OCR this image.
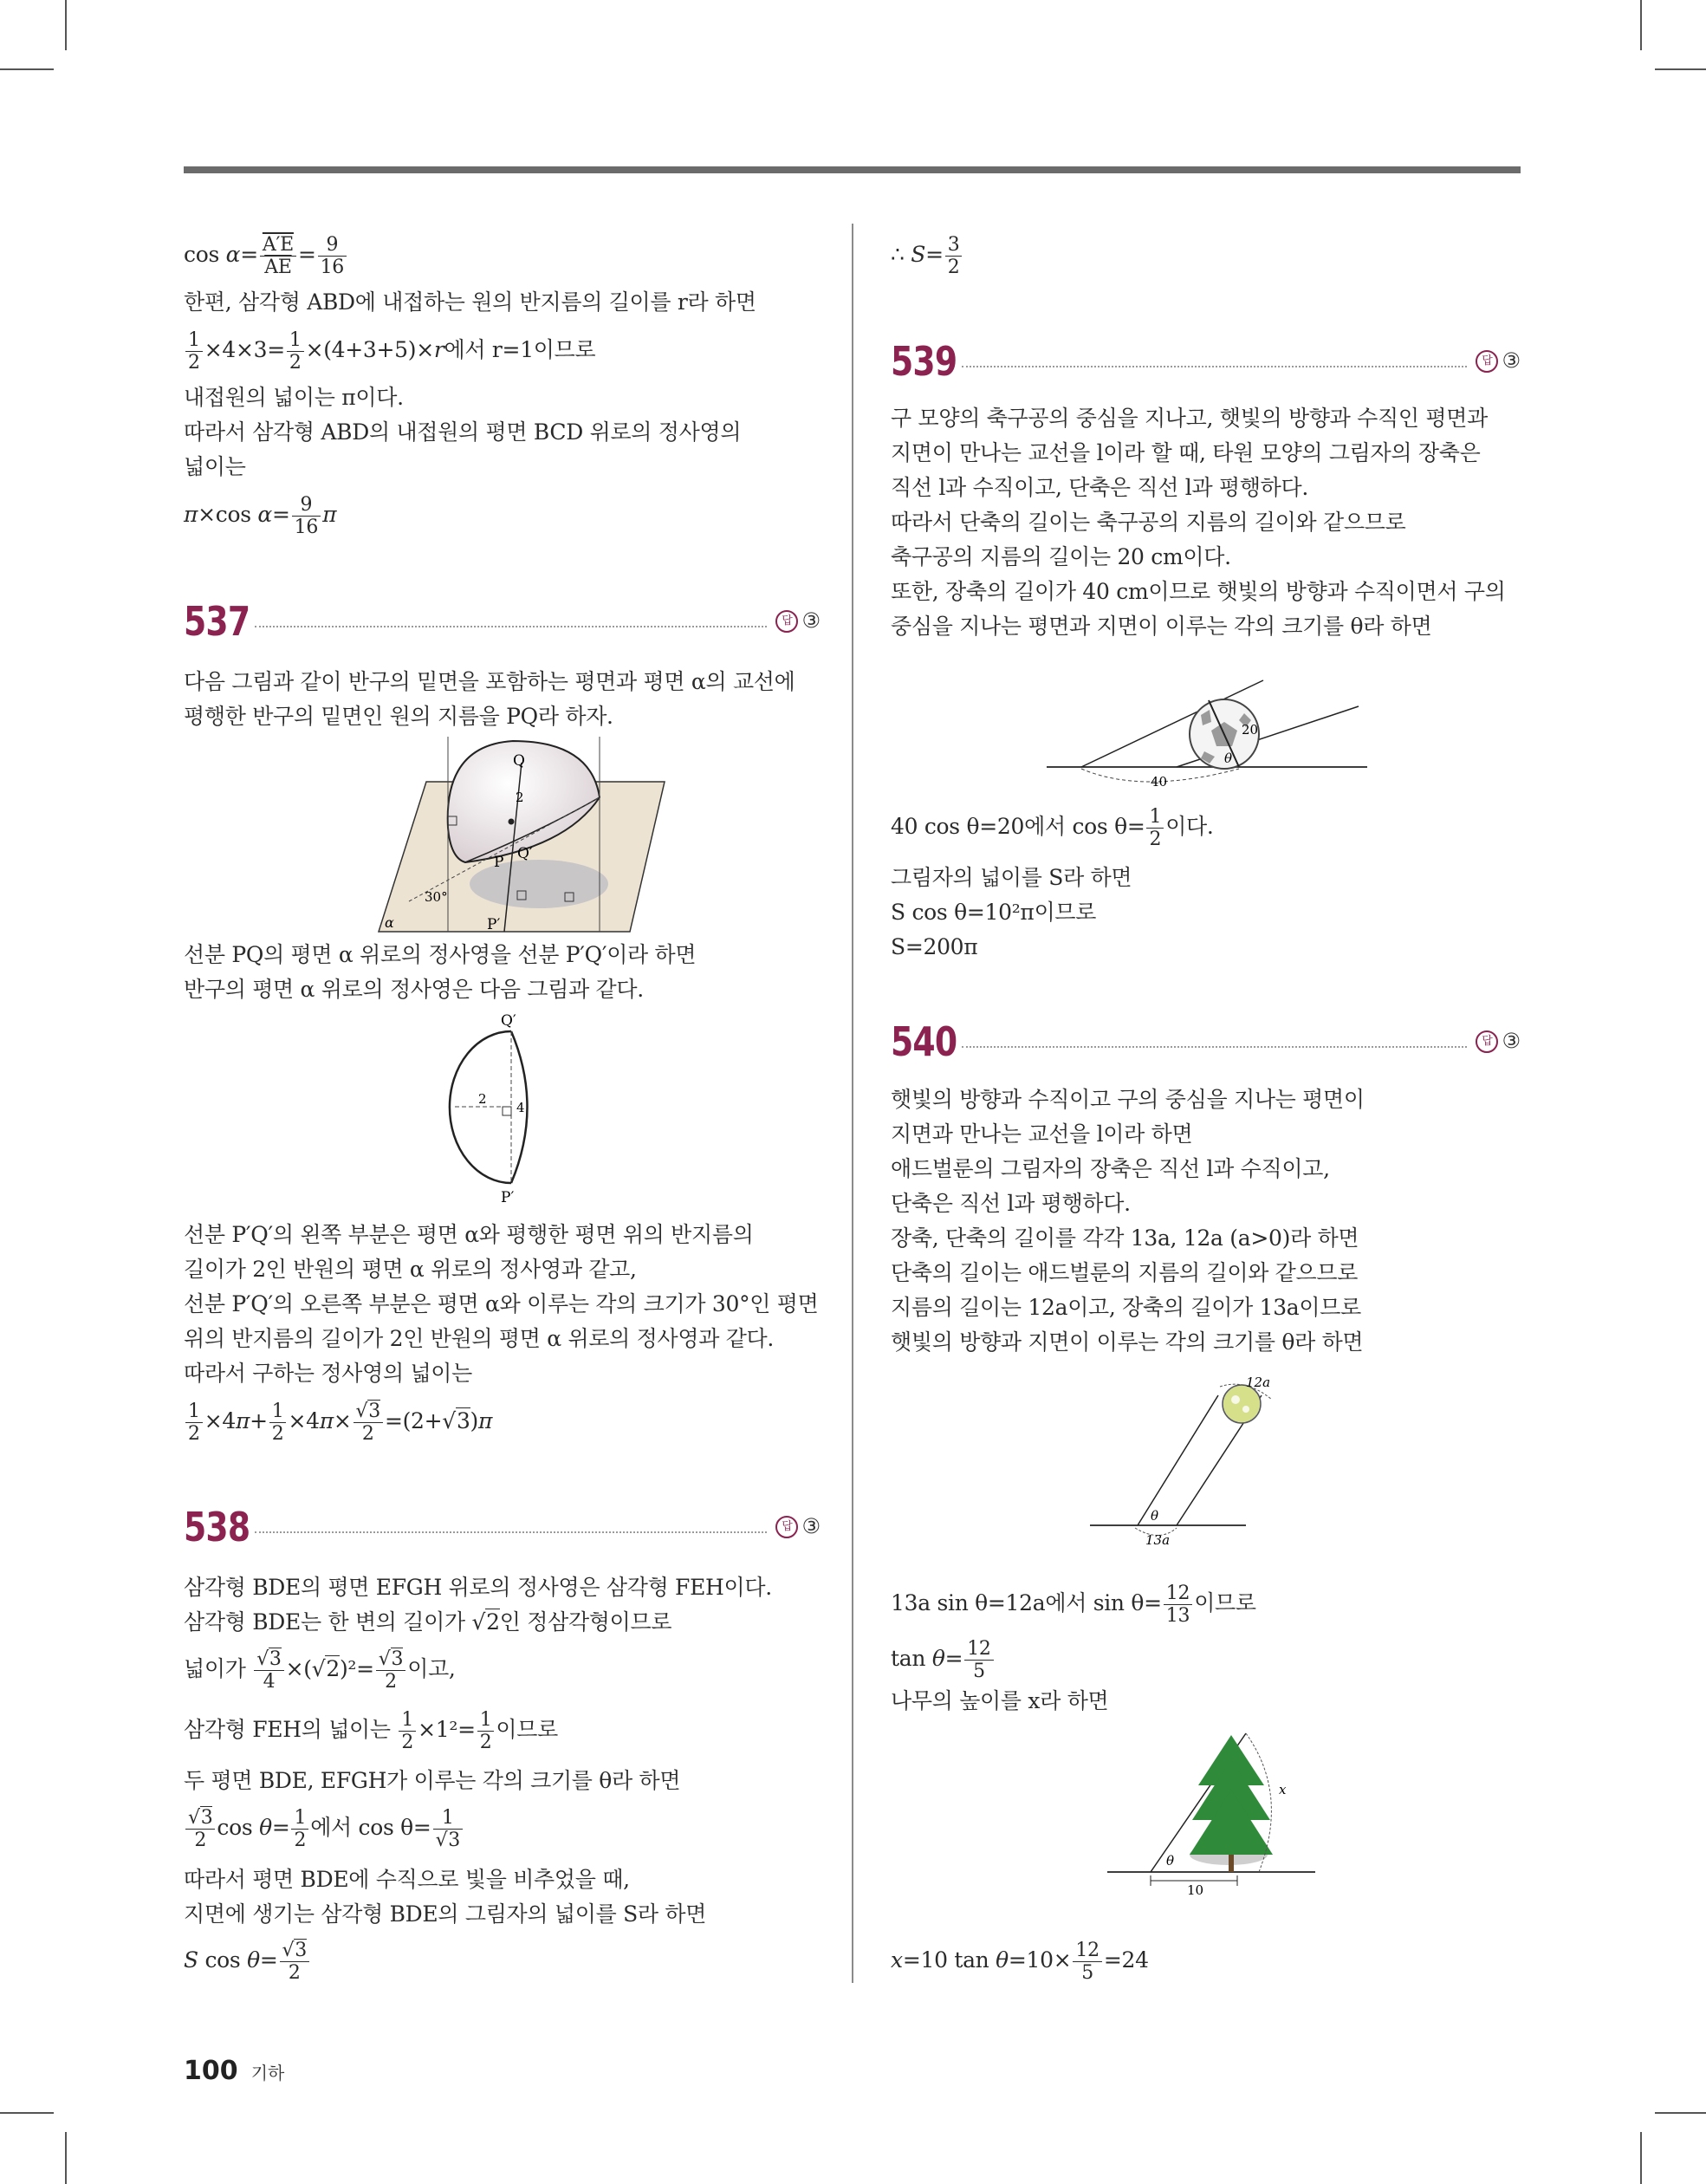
$\cos \alpha= \frac{A'E}{AE} = \frac{9}{16}$
한편, 삼각형 ABD에 내접하는 원의 반지름의 길이를 r라 하면
$\frac{1}{2} \times 4\times 3= \frac{1}{2} \times(4+3+5)\times r$에서 r=1이므로
내접원의 넓이는 π이다.
따라서 삼각형 ABD의 내접원의 평면 BCD 위로의 정사영의
넓이는
π×cos $\alpha= \frac{9}{16}$ π
537	답 ③
다음 그림과 같이 반구의 밑면을 포함하는 평면과 평면 α의 교선에
평행한 반구의 밑면인 원의 지름을 PQ라 하자.
Q
2
P Q′
30°
α	P′
선분 PQ의 평면 α 위로의 정사영을 선분 P′Q′이라 하면
반구의 평면 α 위로의 정사영은 다음 그림과 같다.
Q′
2
4
P′
선분 P′Q′의 왼쪽 부분은 평면 α와 평행한 평면 위의 반지름의
길이가 2인 반원의 평면 α 위로의 정사영과 같고,
선분 P′Q′의 오른쪽 부분은 평면 α와 이루는 각의 크기가 30°인 평면
위의 반지름의 길이가 2인 반원의 평면 α 위로의 정사영과 같다.
따라서 구하는 정사영의 넓이는
$\frac{1}{2} \times 4\pi+ \frac{1}{2} \times 4\pi\times \frac{√3}{2} =(2+√3)\pi$
538	답 ③
삼각형 BDE의 평면 EFGH 위로의 정사영은 삼각형 FEH이다.
삼각형 BDE는 한 변의 길이가 √2인 정삼각형이므로
넓이가 $\frac{√3}{4} \times(√2)^2= \frac{√3}{2}$ 이고,
삼각형 FEH의 넓이는 $\frac{1}{2} \times 1^2= \frac{1}{2}$ 이므로
두 평면 BDE, EFGH가 이루는 각의 크기를 θ라 하면
$\frac{√3}{2}$ $\cos \theta= \frac{1}{2}$ 에서 $\cos \theta= \frac{1}{√3}$
따라서 평면 BDE에 수직으로 빛을 비추었을 때,
지면에 생기는 삼각형 BDE의 그림자의 넓이를 S라 하면
S $\cos \theta= \frac{√3}{2}$
∴ $S= \frac{3}{2}$
539	답 ③
구 모양의 축구공의 중심을 지나고, 햇빛의 방향과 수직인 평면과
지면이 만나는 교선을 l이라 할 때, 타원 모양의 그림자의 장축은
직선 l과 수직이고, 단축은 직선 l과 평행하다.
따라서 단축의 길이는 축구공의 지름의 길이와 같으므로
축구공의 지름의 길이는 20 cm이다.
또한, 장축의 길이가 40 cm이므로 햇빛의 방향과 수직이면서 구의
중심을 지나는 평면과 지면이 이루는 각의 크기를 θ라 하면
20
θ
40
40 cos θ=20에서 $\cos \theta= \frac{1}{2}$ 이다.
그림자의 넓이를 S라 하면
S cos θ=10²π이므로
S=200π
540	답 ③
햇빛의 방향과 수직이고 구의 중심을 지나는 평면이
지면과 만나는 교선을 l이라 하면
애드벌룬의 그림자의 장축은 직선 l과 수직이고,
단축은 직선 l과 평행하다.
장축, 단축의 길이를 각각 13a, 12a (a>0)라 하면
단축의 길이는 애드벌룬의 지름의 길이와 같으므로
지름의 길이는 12a이고, 장축의 길이가 13a이므로
햇빛의 방향과 지면이 이루는 각의 크기를 θ라 하면
12a
θ
13a
13a sin θ=12a에서 $\sin \theta= \frac{12}{13}$ 이므로
$\tan \theta= \frac{12}{5}$
나무의 높이를 x라 하면
x
θ
10
x=10 $\tan \theta=10\times \frac{12}{5} =24$
100 기하
